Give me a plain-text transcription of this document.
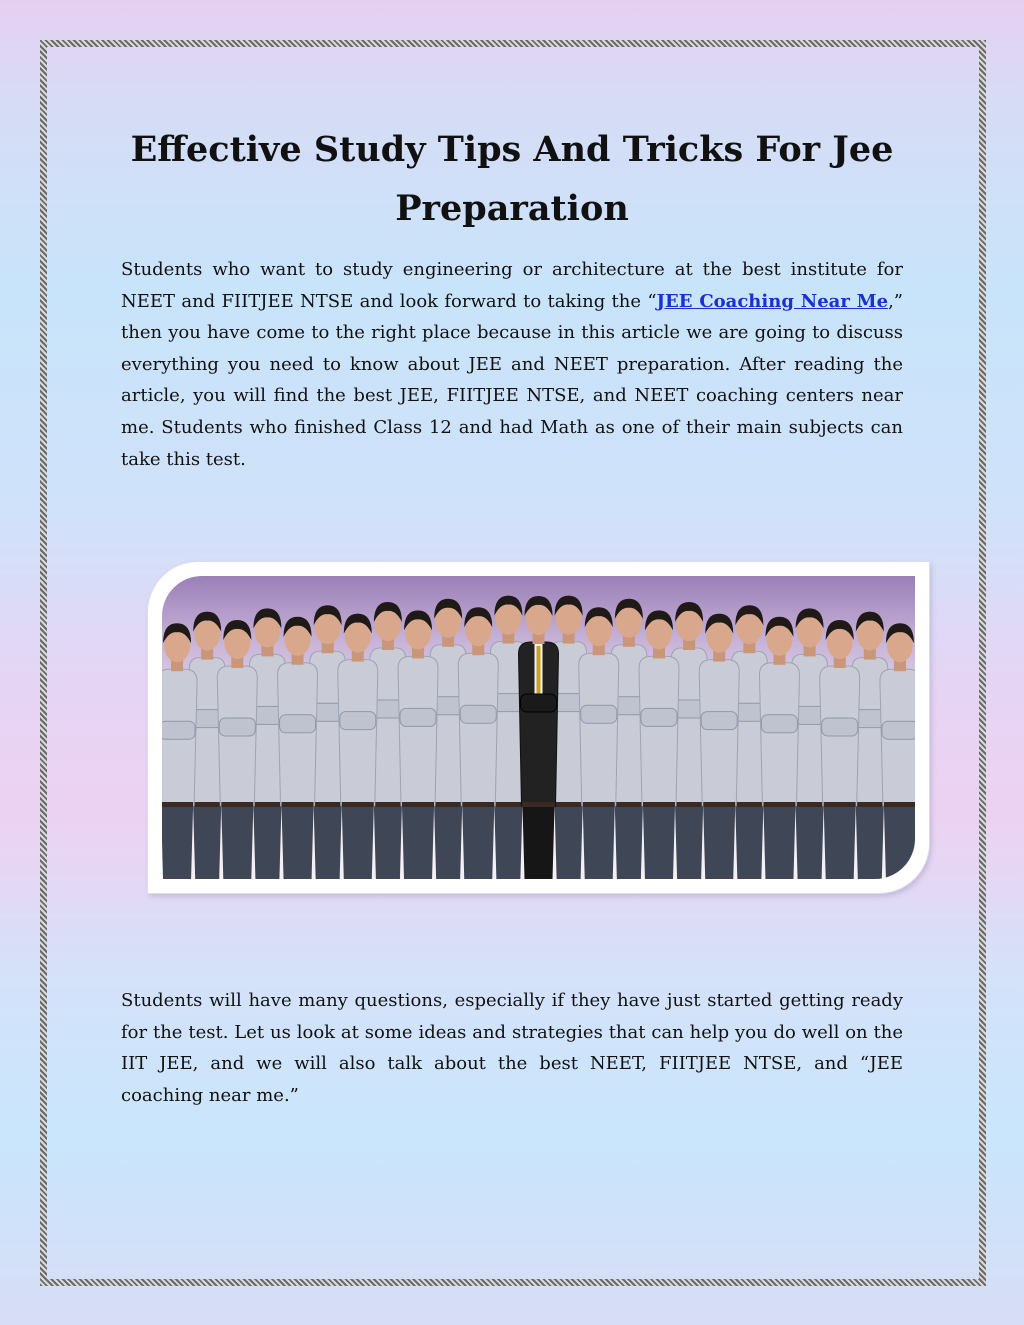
Effective Study Tips And Tricks For Jee Preparation

Students who want to study engineering or architecture at the best institute for NEET and FIITJEE NTSE and look forward to taking the “JEE Coaching Near Me,” then you have come to the right place because in this article we are going to discuss everything you need to know about JEE and NEET preparation. After reading the article, you will find the best JEE, FIITJEE NTSE, and NEET coaching centers near me. Students who finished Class 12 and had Math as one of their main subjects can take this test.

Students will have many questions, especially if they have just started getting ready for the test. Let us look at some ideas and strategies that can help you do well on the IIT JEE, and we will also talk about the best NEET, FIITJEE NTSE, and “JEE coaching near me.”
